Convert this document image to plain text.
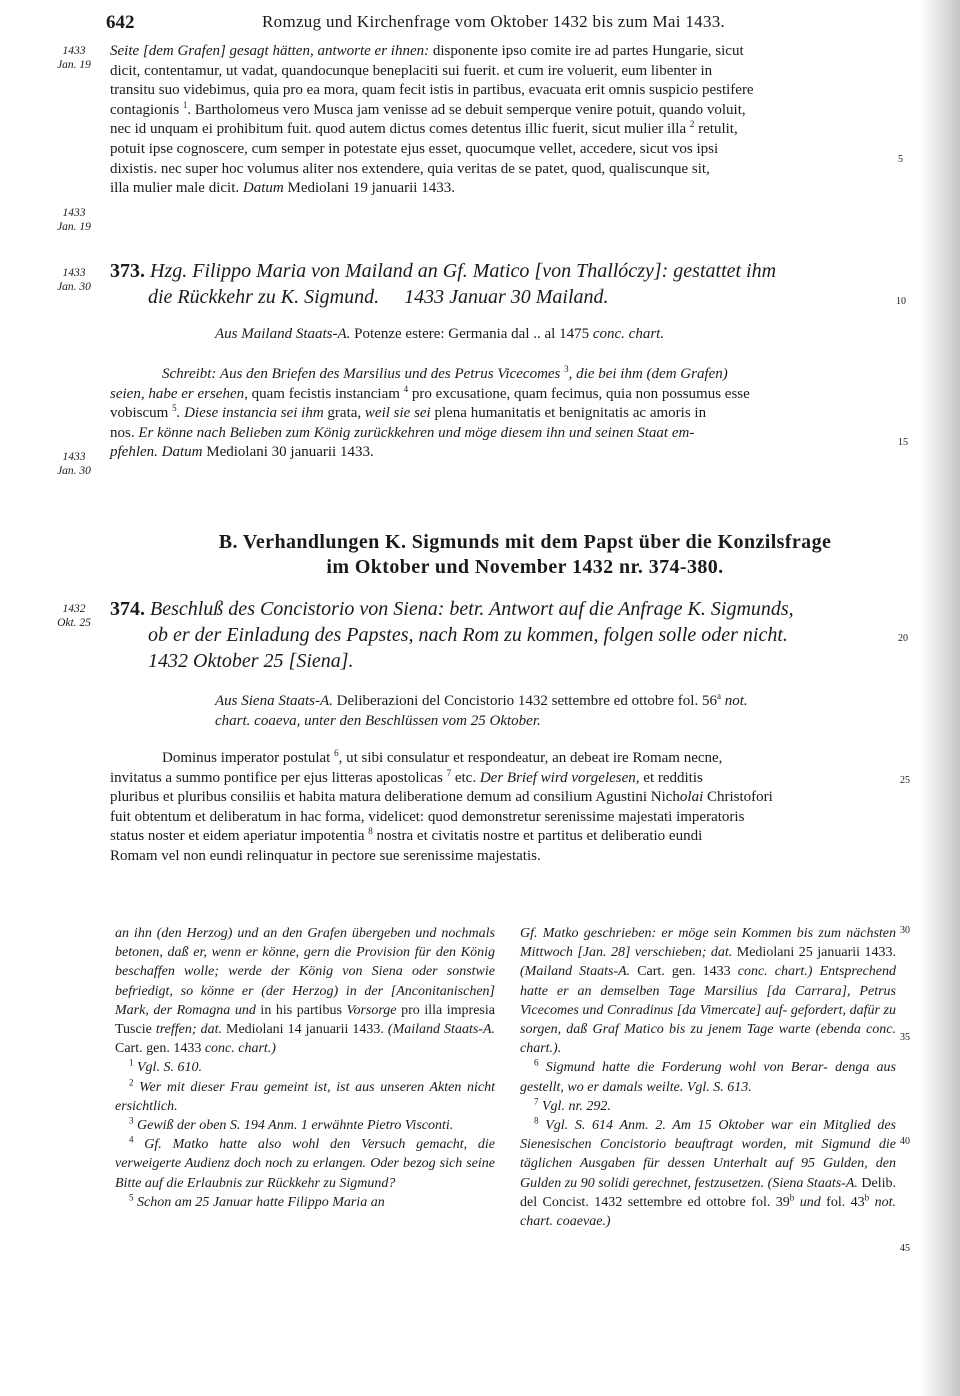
642	Romzug und Kirchenfrage vom Oktober 1432 bis zum Mai 1433.
1433
Jan. 19
1433
Jan. 19
1433
Jan. 30
1433
Jan. 30
1432
Okt. 25
5
10
15
20
25
30
35
40
45
Seite [dem Grafen] gesagt hätten, antworte er ihnen: disponente ipso comite ire ad partes Hungarie, sicut
dicit, contentamur, ut vadat, quandocunque beneplaciti sui fuerit. et cum ire voluerit, eum libenter in
transitu suo videbimus, quia pro ea mora, quam fecit istis in partibus, evacuata erit omnis suspicio pestifere
contagionis $^1$. Bartholomeus vero Musca jam venisse ad se debuit semperque venire potuit, quando voluit,
nec id unquam ei prohibitum fuit. quod autem dictus comes detentus illic fuerit, sicut mulier illa $^2$ retulit,
potuit ipse cognoscere, cum semper in potestate ejus esset, quocumque vellet, accedere, sicut vos ipsi
dixistis. nec super hoc volumus aliter nos extendere, quia veritas de se patet, quod, qualiscunque sit,
illa mulier male dicit. Datum Mediolani 19 januarii 1433.
373. Hzg. Filippo Maria von Mailand an Gf. Matico [von Thallóczy]: gestattet ihm
die Rückkehr zu K. Sigmund. 1433 Januar 30 Mailand.
Aus Mailand Staats-A. Potenze estere: Germania dal .. al 1475 conc. chart.
Schreibt: Aus den Briefen des Marsilius und des Petrus Vicecomes $^3$, die bei ihm (dem Grafen)
seien, habe er ersehen, quam fecistis instanciam $^4$ pro excusatione, quam fecimus, quia non possumus esse
vobiscum $^5$. Diese instancia sei ihm grata, weil sie sei plena humanitatis et benignitatis ac amoris in
nos. Er könne nach Belieben zum König zurückkehren und möge diesem ihn und seinen Staat em-
pfehlen. Datum Mediolani 30 januarii 1433.
B. Verhandlungen K. Sigmunds mit dem Papst über die Konzilsfrage
im Oktober und November 1432 nr. 374-380.
374. Beschluß des Concistorio von Siena: betr. Antwort auf die Anfrage K. Sigmunds,
ob er der Einladung des Papstes, nach Rom zu kommen, folgen solle oder nicht.
1432 Oktober 25 [Siena].
Aus Siena Staats-A. Deliberazioni del Concistorio 1432 settembre ed ottobre fol. 56$^a$ not.
chart. coaeva, unter den Beschlüssen vom 25 Oktober.
Dominus imperator postulat $^6$, ut sibi consulatur et respondeatur, an debeat ire Romam necne,
invitatus a summo pontifice per ejus litteras apostolicas $^7$ etc. Der Brief wird vorgelesen, et redditis
pluribus et pluribus consiliis et habita matura deliberatione demum ad consilium Agustini Nicholai Christofori
fuit obtentum et deliberatum in hac forma, videlicet: quod demonstretur serenissime majestati imperatoris
status noster et eidem aperiatur impotentia $^8$ nostra et civitatis nostre et partitus et deliberatio eundi
Romam vel non eundi relinquatur in pectore sue serenissime majestatis.

an ihn (den Herzog) und an den Grafen übergeben und nochmals betonen, daß er, wenn er könne, gern die Provision für den König beschaffen wolle; werde der König von Siena oder sonstwie befriedigt, so könne er (der Herzog) in der [Anconitanischen] Mark, der Romagna und in his partibus Vorsorge pro illa impresia Tuscie treffen; dat. Mediolani 14 januarii 1433. (Mailand Staats-A. Cart. gen. 1433 conc. chart.)

$^1$ Vgl. S. 610.

$^2$ Wer mit dieser Frau gemeint ist, ist aus unseren Akten nicht ersichtlich.

$^3$ Gewiß der oben S. 194 Anm. 1 erwähnte Pietro Visconti.

$^4$ Gf. Matko hatte also wohl den Versuch gemacht, die verweigerte Audienz doch noch zu erlangen. Oder bezog sich seine Bitte auf die Erlaubnis zur Rückkehr zu Sigmund?

$^5$ Schon am 25 Januar hatte Filippo Maria an

Gf. Matko geschrieben: er möge sein Kommen bis zum nächsten Mittwoch [Jan. 28] verschieben; dat. Mediolani 25 januarii 1433. (Mailand Staats-A. Cart. gen. 1433 conc. chart.) Entsprechend hatte er an demselben Tage Marsilius [da Carrara], Petrus Vicecomes und Conradinus [da Vimercate] auf- gefordert, dafür zu sorgen, daß Graf Matico bis zu jenem Tage warte (ebenda conc. chart.).

$^6$ Sigmund hatte die Forderung wohl von Berar- denga aus gestellt, wo er damals weilte. Vgl. S. 613.

$^7$ Vgl. nr. 292.

$^8$ Vgl. S. 614 Anm. 2. Am 15 Oktober war ein Mitglied des Sienesischen Concistorio beauftragt worden, mit Sigmund die täglichen Ausgaben für dessen Unterhalt auf 95 Gulden, den Gulden zu 90 solidi gerechnet, festzusetzen. (Siena Staats-A. Delib. del Concist. 1432 settembre ed ottobre fol. 39$^b$ und fol. 43$^b$ not. chart. coaevae.)
